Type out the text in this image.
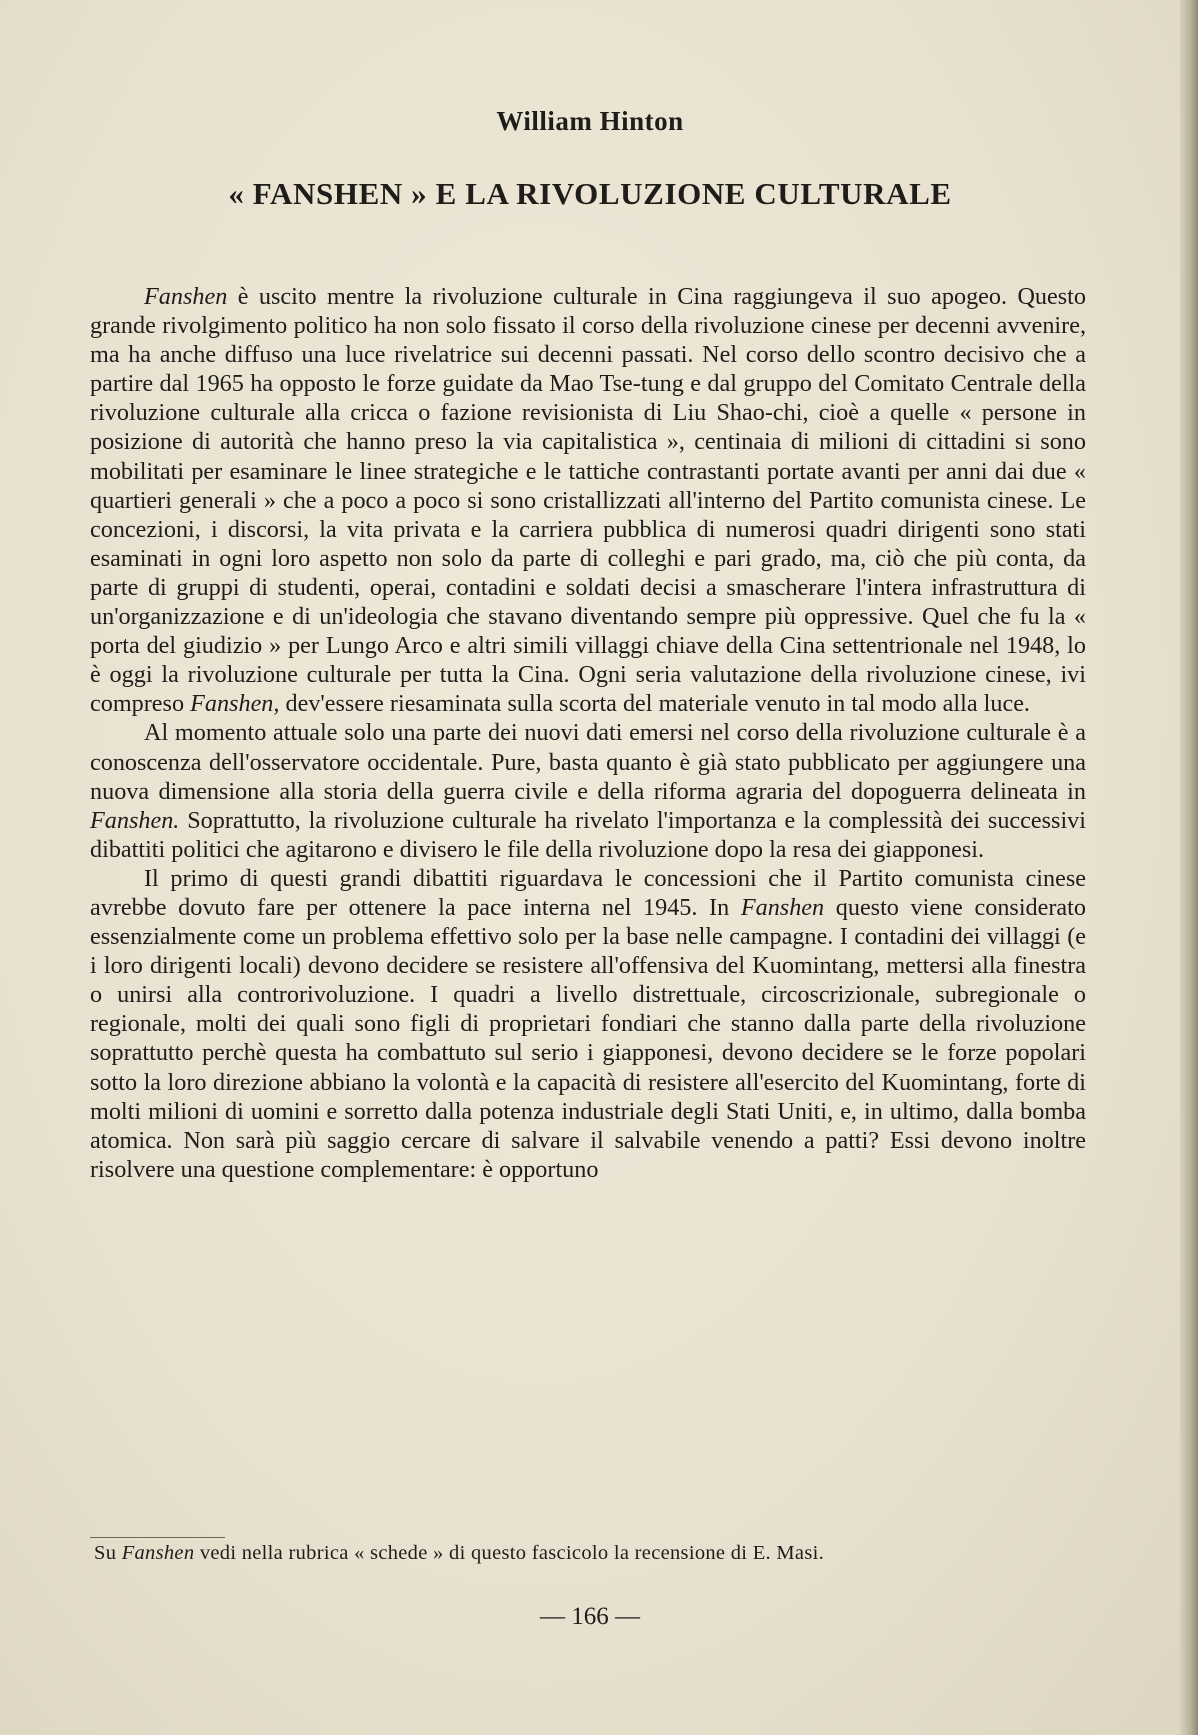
William Hinton
« FANSHEN » E LA RIVOLUZIONE CULTURALE

Fanshen è uscito mentre la rivoluzione culturale in Cina raggiungeva il suo apogeo. Questo grande rivolgimento politico ha non solo fissato il corso della rivoluzione cinese per decenni avvenire, ma ha anche diffuso una luce rivelatrice sui decenni passati. Nel corso dello scontro decisivo che a partire dal 1965 ha opposto le forze guidate da Mao Tse-tung e dal gruppo del Comitato Centrale della rivoluzione culturale alla cricca o fazione revisionista di Liu Shao-chi, cioè a quelle « persone in posizione di autorità che hanno preso la via capitalistica », centinaia di milioni di cittadini si sono mobilitati per esaminare le linee strategiche e le tattiche contrastanti portate avanti per anni dai due « quartieri generali » che a poco a poco si sono cristallizzati all'interno del Partito comunista cinese. Le concezioni, i discorsi, la vita privata e la carriera pubblica di numerosi quadri dirigenti sono stati esaminati in ogni loro aspetto non solo da parte di colleghi e pari grado, ma, ciò che più conta, da parte di gruppi di studenti, operai, contadini e soldati decisi a smascherare l'intera infrastruttura di un'organizzazione e di un'ideologia che stavano diventando sempre più oppressive. Quel che fu la « porta del giudizio » per Lungo Arco e altri simili villaggi chiave della Cina settentrionale nel 1948, lo è oggi la rivoluzione culturale per tutta la Cina. Ogni seria valutazione della rivoluzione cinese, ivi compreso Fanshen, dev'essere riesaminata sulla scorta del materiale venuto in tal modo alla luce.

Al momento attuale solo una parte dei nuovi dati emersi nel corso della rivoluzione culturale è a conoscenza dell'osservatore occidentale. Pure, basta quanto è già stato pubblicato per aggiungere una nuova dimensione alla storia della guerra civile e della riforma agraria del dopoguerra delineata in Fanshen. Soprattutto, la rivoluzione culturale ha rivelato l'importanza e la complessità dei successivi dibattiti politici che agitarono e divisero le file della rivoluzione dopo la resa dei giapponesi.

Il primo di questi grandi dibattiti riguardava le concessioni che il Partito comunista cinese avrebbe dovuto fare per ottenere la pace interna nel 1945. In Fanshen questo viene considerato essenzialmente come un problema effettivo solo per la base nelle campagne. I contadini dei villaggi (e i loro dirigenti locali) devono decidere se resistere all'offensiva del Kuomintang, mettersi alla finestra o unirsi alla controrivoluzione. I quadri a livello distrettuale, circoscrizionale, subregionale o regionale, molti dei quali sono figli di proprietari fondiari che stanno dalla parte della rivoluzione soprattutto perchè questa ha combattuto sul serio i giapponesi, devono decidere se le forze popolari sotto la loro direzione abbiano la volontà e la capacità di resistere all'esercito del Kuomintang, forte di molti milioni di uomini e sorretto dalla potenza industriale degli Stati Uniti, e, in ultimo, dalla bomba atomica. Non sarà più saggio cercare di salvare il salvabile venendo a patti? Essi devono inoltre risolvere una questione complementare: è opportuno

Su Fanshen vedi nella rubrica « schede » di questo fascicolo la recensione di E. Masi.
— 166 —
